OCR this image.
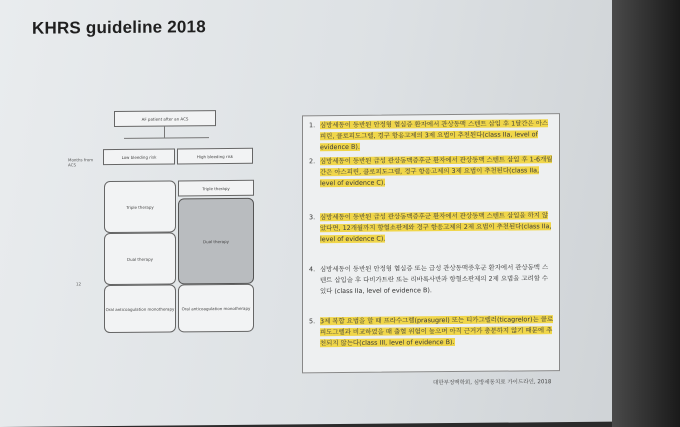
KHRS guideline 2018
AF patient after an ACS
Months from ACS
12
Low bleeding risk	High bleeding risk
Triple therapy
Dual therapy
Oral anticoagulation monotherapy
Triple therapy
Dual therapy
Oral anticoagulation monotherapy
1. 심방세동이 동반된 안정형 협심증 환자에서 관상동맥 스텐트 삽입 후 1달간은 아스피린, 클로피도그렐, 경구 항응고제의 3제 요법이 추천된다(class IIa, level of evidence B).
2. 심방세동이 동반된 급성 관상동맥증후군 환자에서 관상동맥 스텐트 삽입 후 1-6개월간은 아스피린, 클로피도그렐, 경구 항응고제의 3제 요법이 추천된다(class IIa, level of evidence C).
3. 심방세동이 동반된 급성 관상동맥증후군 환자에서 관상동맥 스텐트 삽입을 하지 않았다면, 12개월까지 항혈소판제와 경구 항응고제의 2제 요법이 추천된다(class IIa, level of evidence C).
4. 심방세동이 동반된 안정형 협심증 또는 급성 관상동맥증후군 환자에서 관상동맥 스텐트 삽입술 후 다비가트란 또는 리바록사반과 항혈소판제의 2제 요법을 고려할 수 있다 (class IIa, level of evidence B).
5. 3제 복합 요법을 할 때 프라수그렐(prasugrel) 또는 티카그렐러(ticagrelor)는 클로피도그렐과 비교하였을 때 출혈 위험이 높으며 아직 근거가 충분하지 않기 때문에 추천되지 않는다(class III, level of evidence B).
대한부정맥학회, 심방세동치료 가이드라인, 2018
